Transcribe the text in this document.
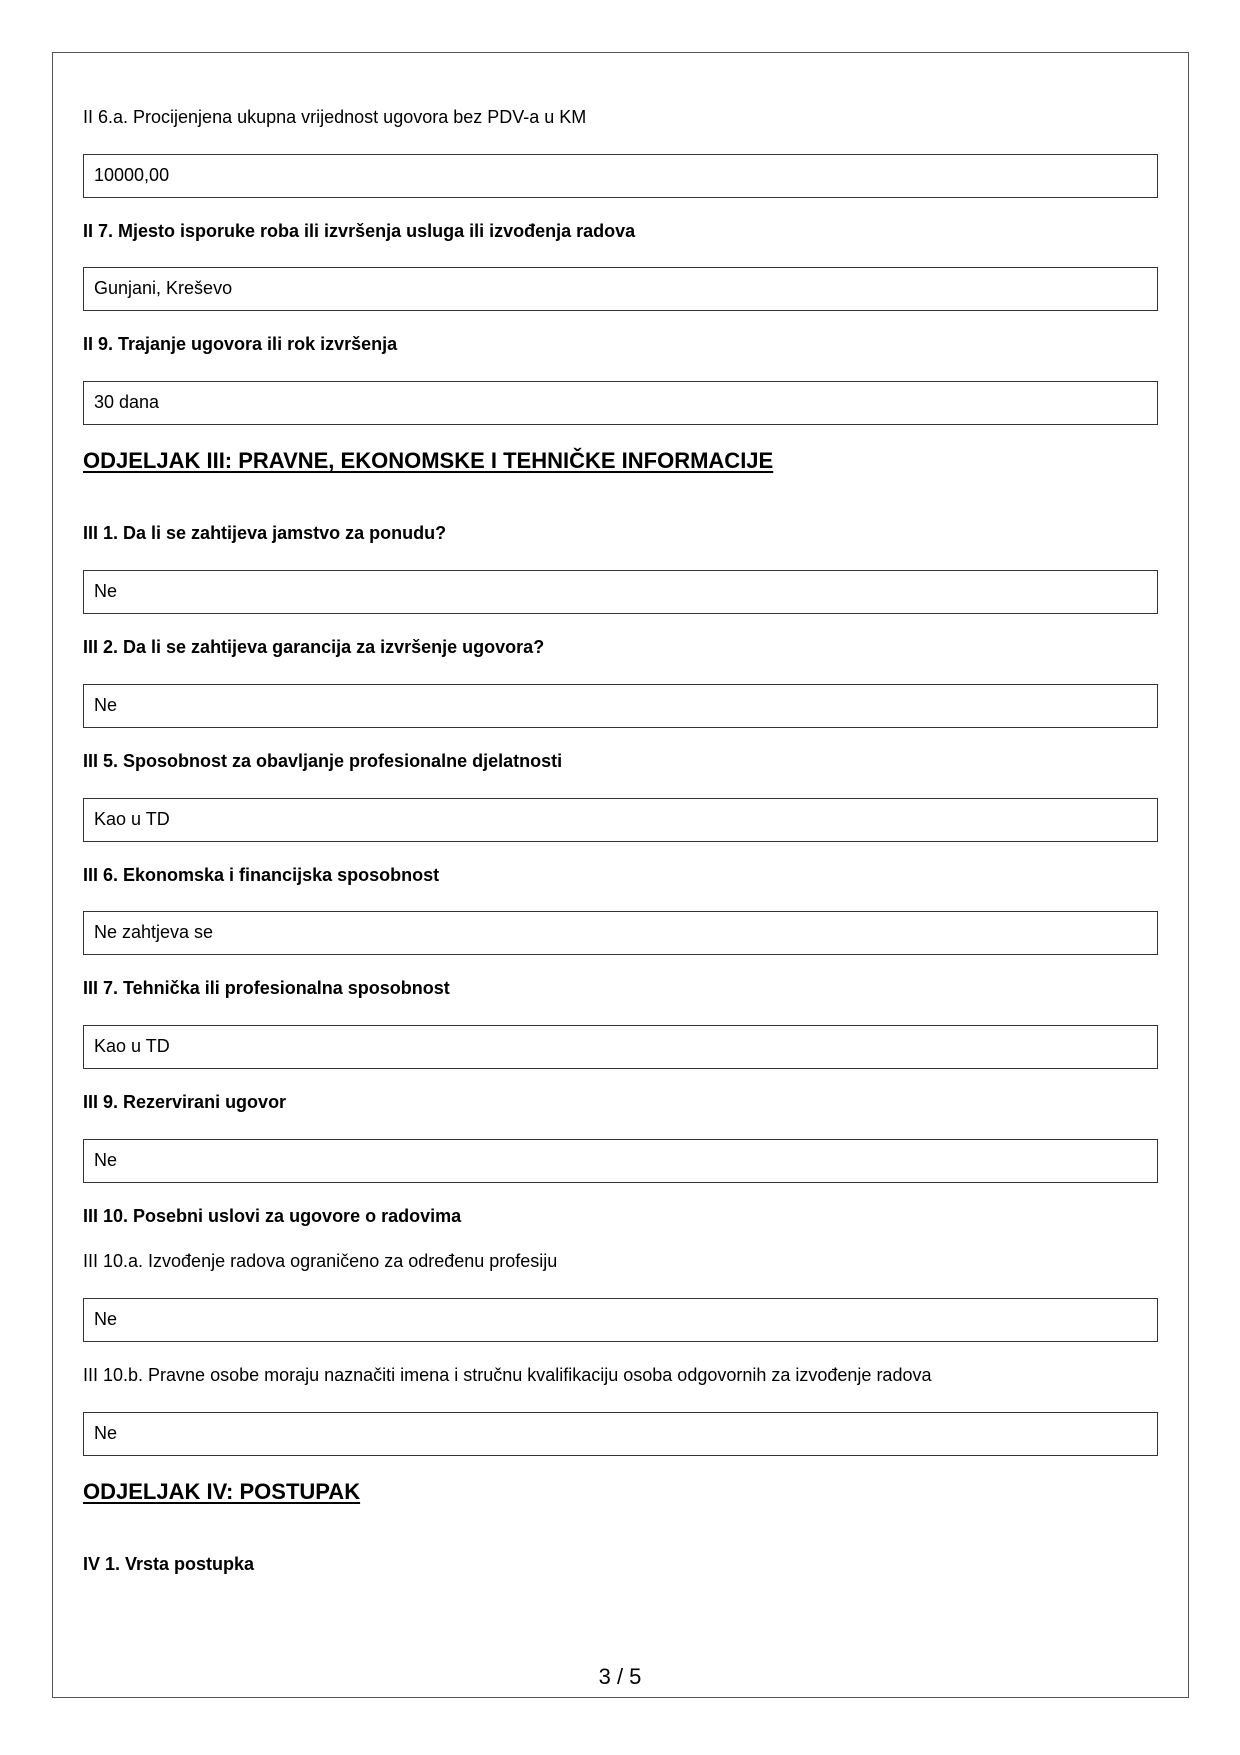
II 6.a. Procijenjena ukupna vrijednost ugovora bez PDV-a u KM
10000,00
II 7. Mjesto isporuke roba ili izvršenja usluga ili izvođenja radova
Gunjani, Kreševo
II 9. Trajanje ugovora ili rok izvršenja
30 dana
ODJELJAK III: PRAVNE, EKONOMSKE I TEHNIČKE INFORMACIJE
III 1. Da li se zahtijeva jamstvo za ponudu?
Ne
III 2. Da li se zahtijeva garancija za izvršenje ugovora?
Ne
III 5. Sposobnost za obavljanje profesionalne djelatnosti
Kao u TD
III 6. Ekonomska i financijska sposobnost
Ne zahtjeva se
III 7. Tehnička ili profesionalna sposobnost
Kao u TD
III 9. Rezervirani ugovor
Ne
III 10. Posebni uslovi za ugovore o radovima
III 10.a. Izvođenje radova ograničeno za određenu profesiju
Ne
III 10.b. Pravne osobe moraju naznačiti imena i stručnu kvalifikaciju osoba odgovornih za izvođenje radova
Ne
ODJELJAK IV: POSTUPAK
IV 1. Vrsta postupka
3 / 5
